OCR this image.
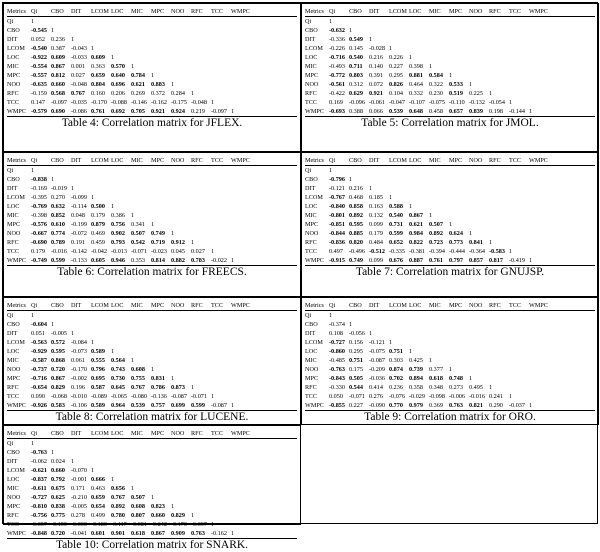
Metrics Qi	CBO	DIT	LCOM LOC	MIC	MPC	NOO	RFC	TCC	WMPC
Qi	1
CBO	-0.545 1
DIT	0.052 0.236 1
LCOM -0.540 0.387 -0.043 1
LOC	-0.922 0.609 -0.033 0.609 1
MIC	-0.554 0.867 0.001 0.363 0.570 1
MPC	-0.557 0.812 0.027 0.659 0.640 0.784 1
NOO	-0.635 0.660 -0.048 0.804 0.696 0.621 0.883 1
RFC	-0.159 0.568 0.767 0.160 0.206 0.269 0.372 0.284 1
TCC	0.147 -0.097 -0.035 -0.170 -0.088 -0.146 -0.162 -0.175 -0.048 1
WMPC -0.579 0.690 -0.086 0.761 0.692 0.705 0.921 0.924 0.219 -0.097 1
Table 4: Correlation matrix for JFLEX.
Metrics Qi	CBO	DIT	LCOM LOC	MIC	MPC	NOO	RFC	TCC	WMPC
Qi	1
CBO	-0.632 1
DIT	-0.336 0.549 1
LCOM -0.226 0.145 -0.028 1
LOC	-0.716 0.540 0.216 0.226 1
MIC	-0.493 0.711	0.140 0.227 0.398 1
MPC	-0.772 0.803 0.391 0.295 0.881 0.584 1
NOO	-0.561 0.312 0.072 0.826 0.464 0.322 0.533 1
RFC	-0.422 0.629 0.921 0.104 0.332 0.230 0.519 0.225 1
TCC	0.169 -0.096 -0.061 -0.047 -0.107 -0.075 -0.110 -0.132 -0.054 1
WMPC -0.693 0.388 0.066 0.539 0.648 0.458 0.657 0.839 0.198 -0.144 1
Table 5: Correlation matrix for JMOL.
Metrics Qi	CBO	DIT	LCOM LOC	MIC	MPC	NOO	RFC	TCC	WMPC
Qi	1
CBO	-0.838 1
DIT	-0.169 -0.019 1
LCOM -0.395 0.270 -0.099 1
LOC	-0.769 0.632 -0.114 0.500 1
MIC	-0.398 0.852 0.048 0.179 0.386 1
MPC	-0.576 0.610 -0.199 0.879 0.756 0.341 1
NOO	-0.667 0.774 -0.072 0.469 0.902 0.507 0.749 1
RFC	-0.690 0.789 0.191 0.459 0.793 0.542 0.719 0.912 1
TCC	0.179 -0.016 -0.142 -0.042 -0.013 -0.071 -0.023 0.045 0.027 1
WMPC -0.749 0.599 -0.133 0.605 0.946 0.353 0.814 0.882 0.783 -0.022 1
Table 6: Correlation matrix for FREECS.
Metrics Qi	CBO	DIT	LCOM LOC	MIC	MPC	NOO	RFC	TCC	WMPC
Qi	1
CBO	-0.796 1
DIT	-0.121 0.216 1
LCOM -0.767 0.468 0.185 1
LOC	-0.840 0.858 0.163 0.588 1
MIC	-0.801 0.892 0.132 0.540 0.867 1
MPC	-0.851 0.595 0.099 0.731 0.621 0.507 1
NOO	-0.844 0.885 0.179 0.599 0.984 0.892 0.624 1
RFC	-0.836 0.820 0.484 0.652 0.822 0.723 0.773 0.841 1
TCC	0.497 -0.496 -0.512 -0.335 -0.381 -0.394 -0.444 -0.364 -0.583 1
WMPC -0.915 0.749 0.099 0.676 0.887 0.761 0.797 0.857 0.817 -0.419 1
Table 7: Correlation matrix for GNUJSP.
Metrics Qi	CBO	DIT	LCOM LOC	MIC	MPC	NOO	RFC	TCC	WMPC
Qi	1
CBO	-0.604 1
DIT	0.051 -0.005 1
LCOM -0.563 0.572 -0.084 1
LOC	-0.929 0.595 -0.073 0.589 1
MIC	-0.587 0.868 0.061 0.555 0.564 1
NOO	-0.737 0.720 -0.170 0.796 0.743 0.608 1
MPC	-0.716 0.867 -0.002 0.695 0.730 0.755 0.831 1
RFC	-0.654 0.829 0.196 0.587 0.645 0.767 0.786 0.873 1
TCC	0.090 -0.068 -0.010 -0.089 -0.065 -0.080 -0.136 -0.087 -0.071 1
WMPC -0.926 0.583 -0.106 0.589 0.964 0.539 0.757 0.699 0.599 -0.087 1
Table 8: Correlation matrix for LUCENE.
Metrics Qi	CBO	DIT	LCOM LOC	MIC	MPC	NOO	RFC	TCC	WMPC
Qi	1
CBO	-0.374 1
DIT	0.108 -0.056 1
LCOM -0.727 0.156 -0.121 1
LOC	-0.860 0.295 -0.075 0.751 1
MIC	-0.485 0.751 -0.087 0.303 0.425 1
NOO	-0.763 0.175 -0.209 0.874 0.739 0.377 1
MPC	-0.843 0.505 -0.036 0.702 0.894 0.618 0.748 1
RFC	-0.330 0.544 0.414 0.236 0.358 0.348 0.273 0.495 1
TCC	0.050 -0.071 0.276 -0.076 -0.029 -0.098 -0.006 -0.016 0.241 1
WMPC -0.855 0.227 -0.090 0.770 0.979 0.369 0.763 0.821 0.290 -0.037 1
Table 9: Correlation matrix for ORO.
Metrics Qi	CBO	DIT	LCOM LOC	MIC	MPC	NOO	RFC	TCC	WMPC
Qi	1
CBO	-0.763 1
DIT	-0.062 0.024 1
LCOM -0.621 0.660 -0.070 1
LOC	-0.837 0.792 -0.001 0.666 1
MIC	-0.611 0.675 0.171 0.463 0.656 1
NOO	-0.727 0.625 -0.210 0.659 0.767 0.507 1
MPC	-0.810 0.838 -0.005 0.654 0.892 0.608 0.823 1
RFC	-0.756 0.775 0.278 0.499 0.780 0.807 0.660 0.829 1
TCC	-0.057 -0.159 -0.030 -0.180 -0.117 -0.081 -0.242 -0.170 -0.097 1
WMPC -0.848 0.720 -0.041 0.601 0.901 0.618 0.867 0.909 0.763 -0.162 1
Table 10: Correlation matrix for SNARK.
